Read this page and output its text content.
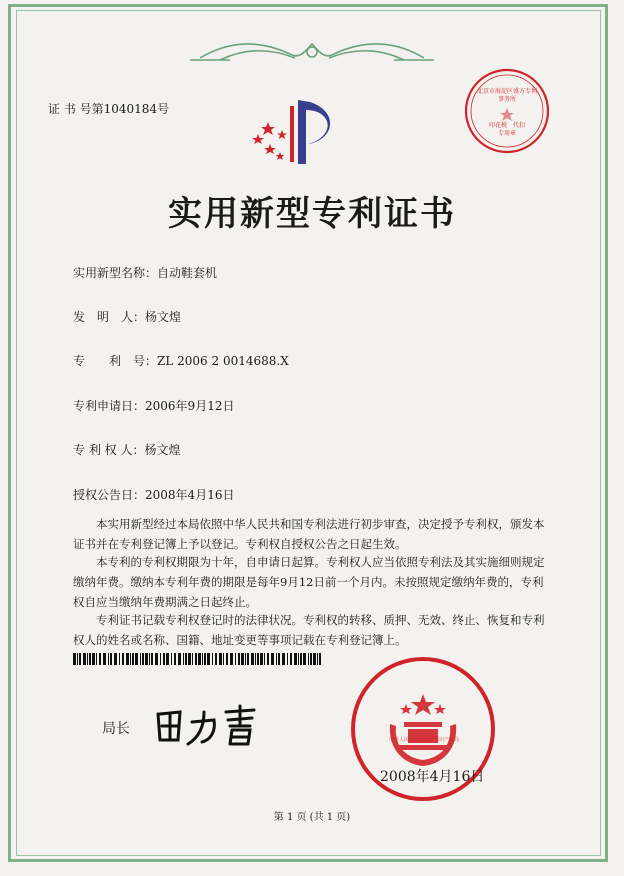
证 书 号第1040184号
北京市海淀区盛方专利事务所
印花税　代扣专用章
实用新型专利证书
实用新型名称：自动鞋套机
发　明　人：杨文煌
专　　利　号：ZL 2006 2 0014688.X
专利申请日：2006年9月12日
专 利 权 人：杨文煌
授权公告日：2008年4月16日

本实用新型经过本局依照中华人民共和国专利法进行初步审查，决定授予专利权，颁发本证书并在专利登记簿上予以登记。专利权自授权公告之日起生效。

本专利的专利权期限为十年，自申请日起算。专利权人应当依照专利法及其实施细则规定缴纳年费。缴纳本专利年费的期限是每年9月12日前一个月内。未按照规定缴纳年费的，专利权自应当缴纳年费期满之日起终止。

专利证书记载专利权登记时的法律状况。专利权的转移、质押、无效、终止、恢复和专利权人的姓名或名称、国籍、地址变更等事项记载在专利登记簿上。

局长
中华人民共和国国家知识产权局
2008年4月16日
第 1 页 (共 1 页)
